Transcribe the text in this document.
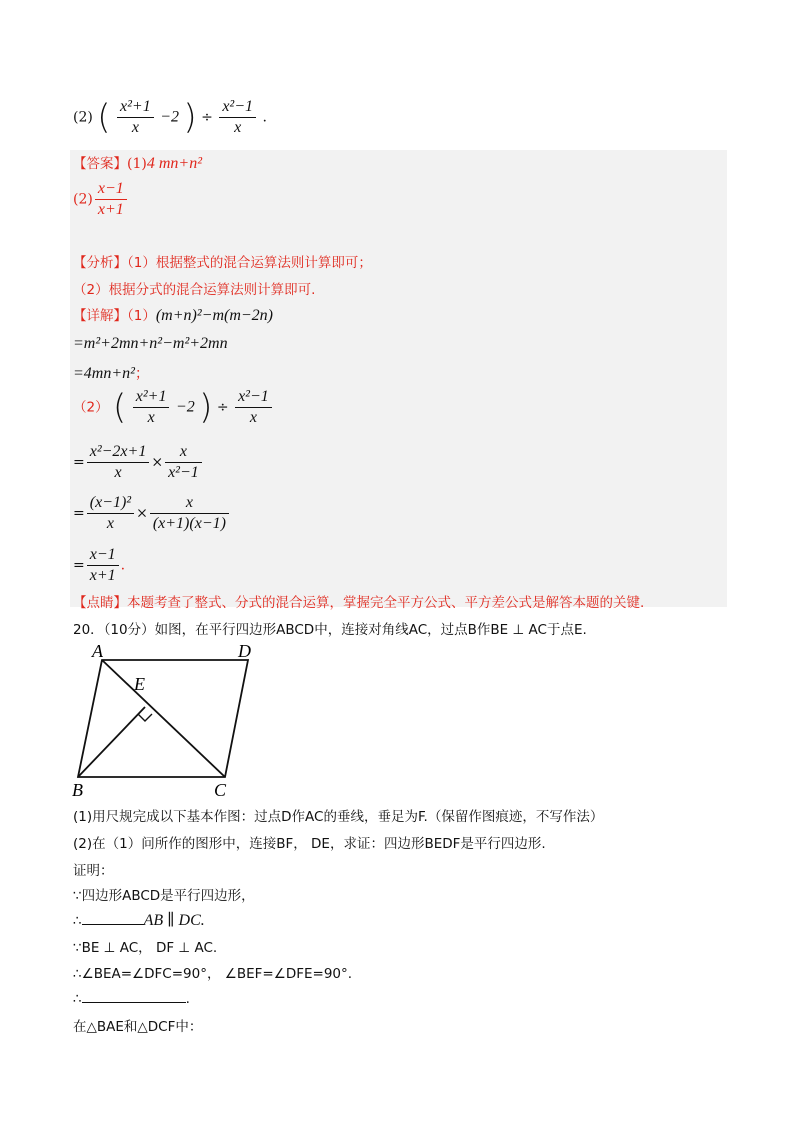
(2) ( $\frac{\text{x²+1}}{x} -2$ ) ÷ $\frac{\text{x²−1}}{x}$ .
【答案】(1)4 mn+n²
$(2) \frac{x-1}{x+1}$
【分析】（1）根据整式的混合运算法则计算即可；
（2）根据分式的混合运算法则计算即可.
【详解】（1）(m+n)²−m(m−2n)
=m²+2mn+n²−m²+2mn
=4mn+n²；
（2） ( $\frac{\text{x²+1}}{x} -2$ ) ÷ $\frac{\text{x²−1}}{x}$
= $\frac{\text{x²−2x+1}}{x} \times \frac{x}{\text{x²−1}}$
= $\frac{\text{(x−1)²}}{x} \times \frac{x}{(x+1)(x-1)}$
= $\frac{x-1}{x+1}$ .
【点睛】本题考查了整式、分式的混合运算，掌握完全平方公式、平方差公式是解答本题的关键.
20．（10分）如图，在平行四边形ABCD中，连接对角线AC，过点B作BE ⊥ AC于点E.
A	D
E
B	C
(1)用尺规完成以下基本作图：过点D作AC的垂线，垂足为F.（保留作图痕迹，不写作法）
(2)在（1）问所作的图形中，连接BF， DE，求证：四边形BEDF是平行四边形.
证明：
∵四边形ABCD是平行四边形，
∴	AB ∥ DC.
∵BE ⊥ AC， DF ⊥ AC.
∴∠BEA=∠DFC=90°， ∠BEF=∠DFE=90°.
∴	.
在△BAE和△DCF中：
